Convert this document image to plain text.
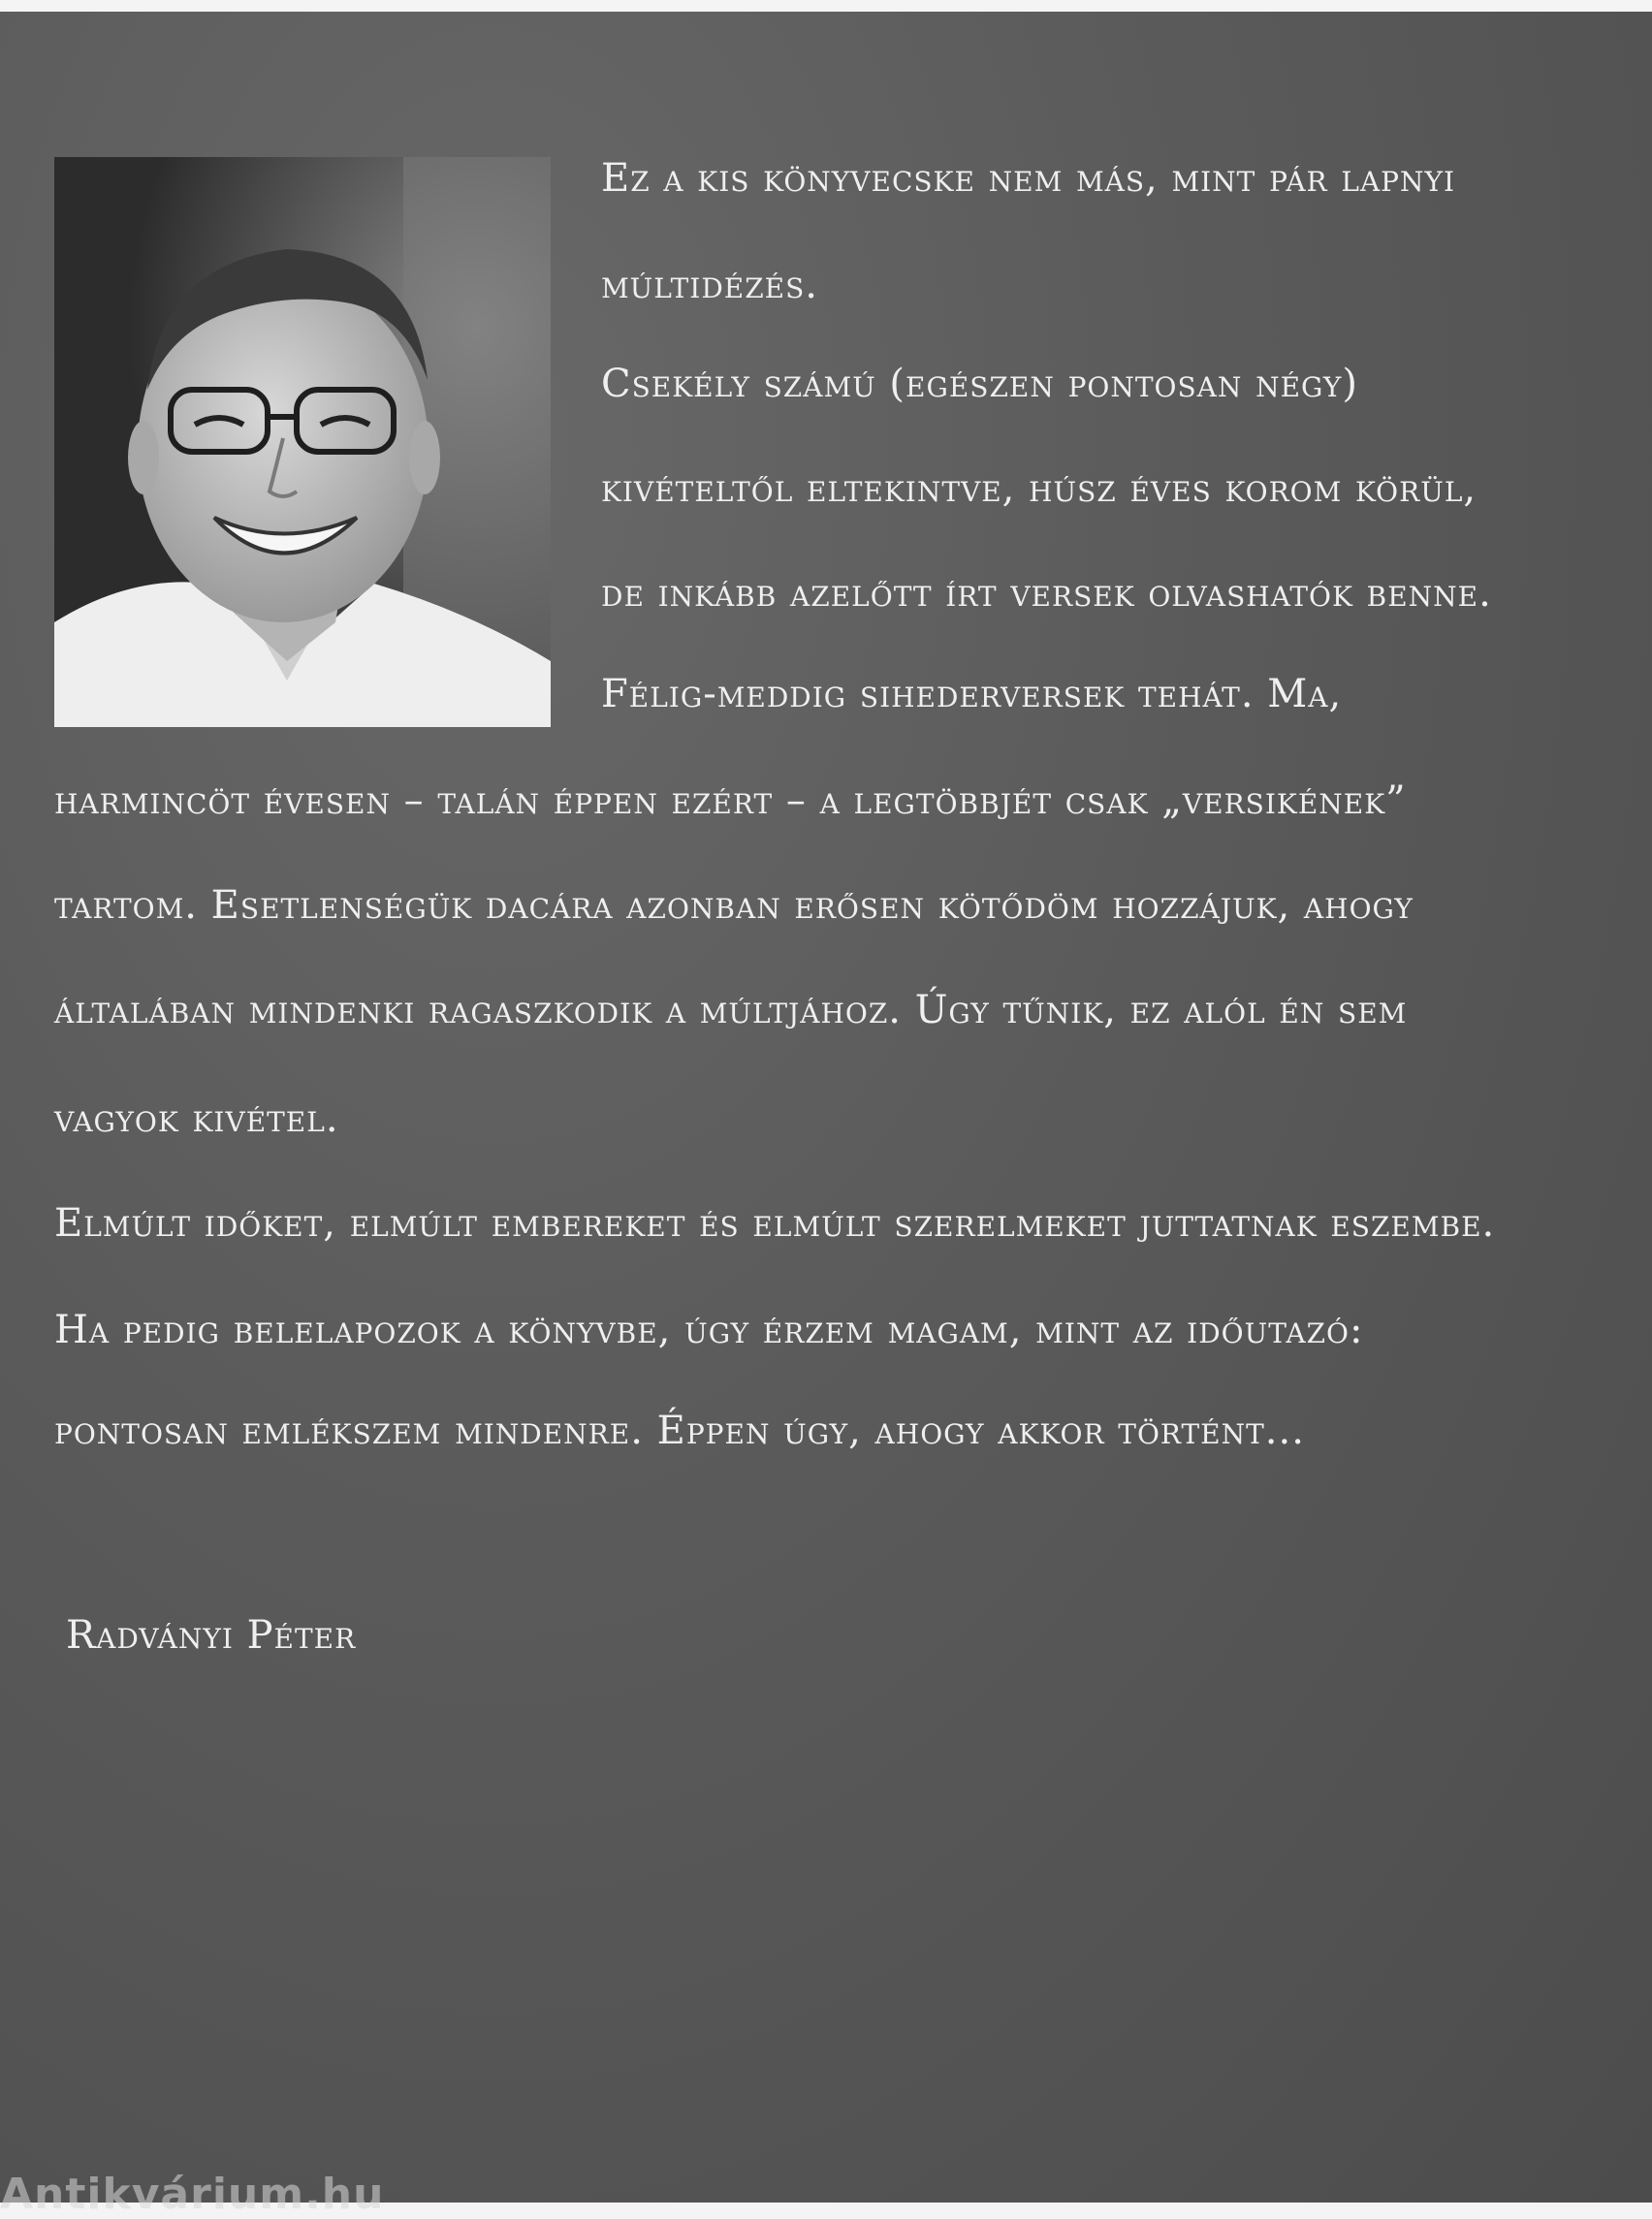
Ez a kis könyvecske nem más, mint pár lapnyi
múltidézés.
Csekély számú (egészen pontosan négy)
kivételtől eltekintve, húsz éves korom körül,
de inkább azelőtt írt versek olvashatók benne.
Félig-meddig sihederversek tehát. Ma,
harmincöt évesen – talán éppen ezért – a legtöbbjét csak „versikének”
tartom. Esetlenségük dacára azonban erősen kötődöm hozzájuk, ahogy
általában mindenki ragaszkodik a múltjához. Úgy tűnik, ez alól én sem
vagyok kivétel.
Elmúlt időket, elmúlt embereket és elmúlt szerelmeket juttatnak eszembe.
Ha pedig belelapozok a könyvbe, úgy érzem magam, mint az időutazó:
pontosan emlékszem mindenre. Éppen úgy, ahogy akkor történt...
Radványi Péter
Antikvárium.hu
